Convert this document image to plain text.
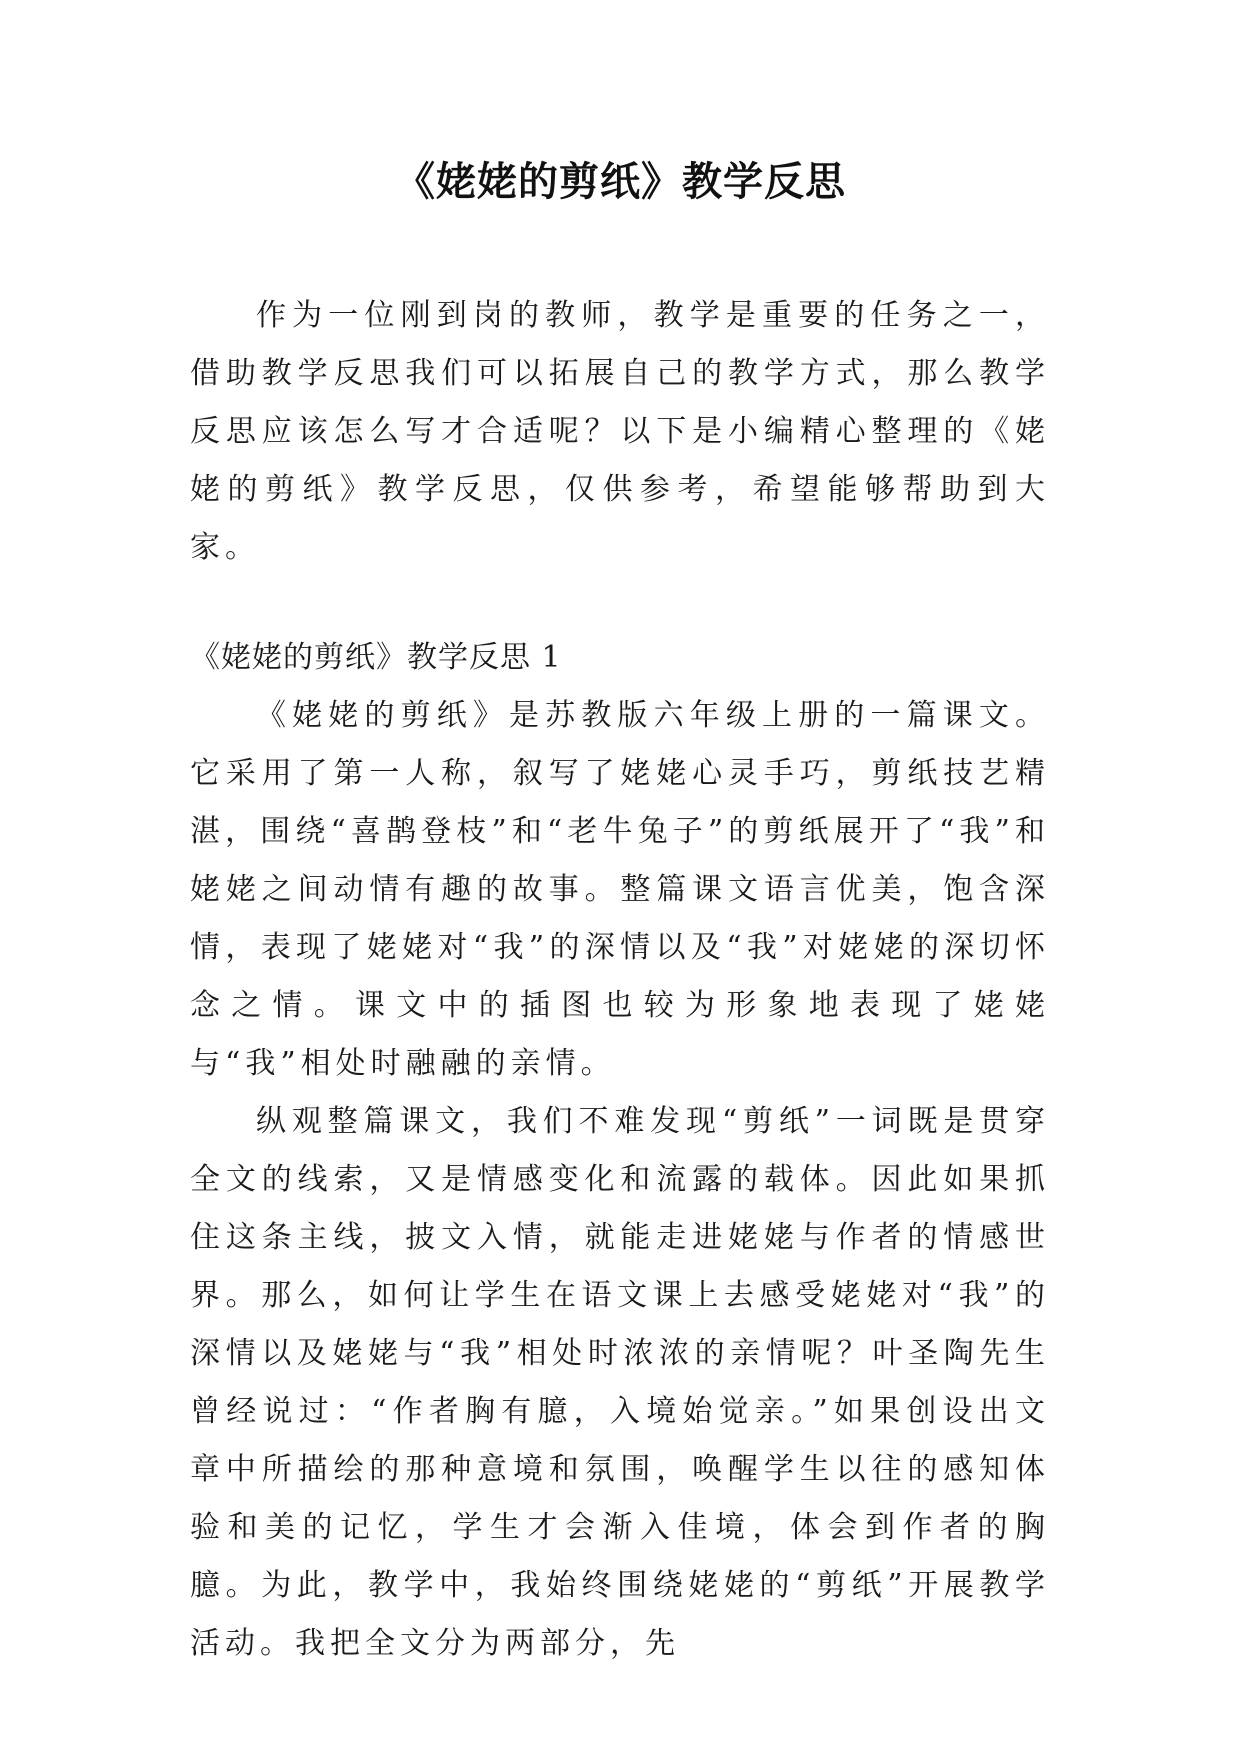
《姥姥的剪纸》教学反思

作为一位刚到岗的教师，教学是重要的任务之一，借助教学反思我们可以拓展自己的教学方式，那么教学反思应该怎么写才合适呢？以下是小编精心整理的《姥姥的剪纸》教学反思，仅供参考，希望能够帮助到大家。

《姥姥的剪纸》教学反思 1

《姥姥的剪纸》是苏教版六年级上册的一篇课文。它采用了第一人称，叙写了姥姥心灵手巧，剪纸技艺精湛，围绕“喜鹊登枝”和“老牛兔子”的剪纸展开了“我”和姥姥之间动情有趣的故事。整篇课文语言优美，饱含深情，表现了姥姥对“我”的深情以及“我”对姥姥的深切怀念之情。课文中的插图也较为形象地表现了姥姥与“我”相处时融融的亲情。

纵观整篇课文，我们不难发现“剪纸”一词既是贯穿全文的线索，又是情感变化和流露的载体。因此如果抓住这条主线，披文入情，就能走进姥姥与作者的情感世界。那么，如何让学生在语文课上去感受姥姥对“我”的深情以及姥姥与“我”相处时浓浓的亲情呢？叶圣陶先生曾经说过：“作者胸有臆，入境始觉亲。”如果创设出文章中所描绘的那种意境和氛围，唤醒学生以往的感知体验和美的记忆，学生才会渐入佳境，体会到作者的胸臆。为此，教学中，我始终围绕姥姥的“剪纸”开展教学活动。我把全文分为两部分，先
